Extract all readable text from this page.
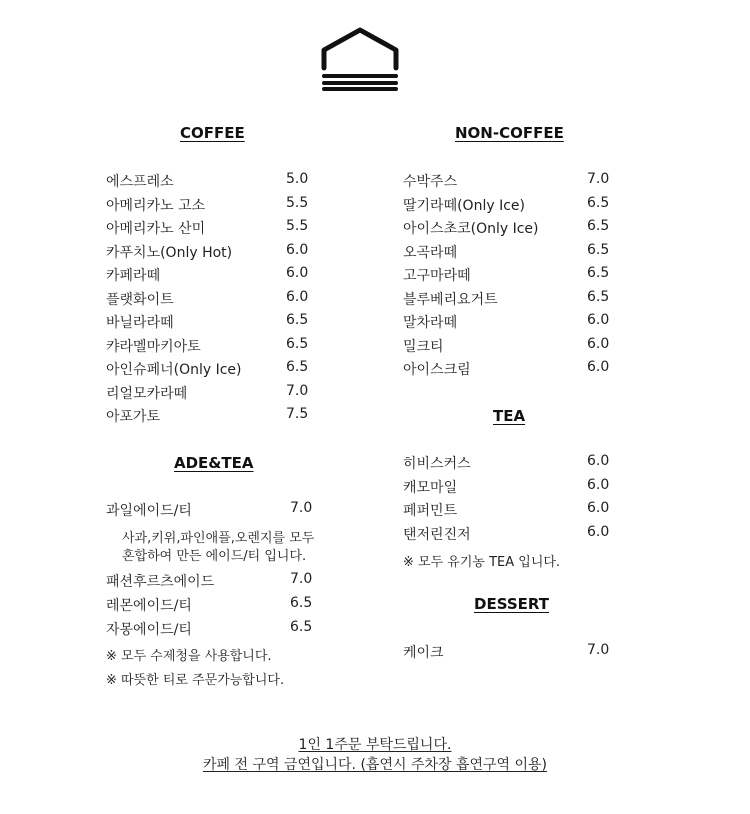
COFFEE
에스프레소	5.0
아메리카노 고소	5.5
아메리카노 산미	5.5
카푸치노(Only Hot)	6.0
카페라떼	6.0
플랫화이트	6.0
바닐라라떼	6.5
캬라멜마키아토	6.5
아인슈페너(Only Ice)	6.5
리얼모카라떼	7.0
아포가토	7.5
ADE&TEA
과일에이드/티	7.0
사과,키위,파인애플,오렌지를 모두
혼합하여 만든 에이드/티 입니다.
패션후르츠에이드	7.0
레몬에이드/티	6.5
자몽에이드/티	6.5
※ 모두 수제청을 사용합니다.
※ 따뜻한 티로 주문가능합니다.
NON-COFFEE
수박주스	7.0
딸기라떼(Only Ice)	6.5
아이스초코(Only Ice)	6.5
오곡라떼	6.5
고구마라떼	6.5
블루베리요거트	6.5
말차라떼	6.0
밀크티	6.0
아이스크림	6.0
TEA
히비스커스	6.0
캐모마일	6.0
페퍼민트	6.0
탠저린진저	6.0
※ 모두 유기농 TEA 입니다.
DESSERT
케이크	7.0
1인 1주문 부탁드립니다.
카페 전 구역 금연입니다. (흡연시 주차장 흡연구역 이용)
